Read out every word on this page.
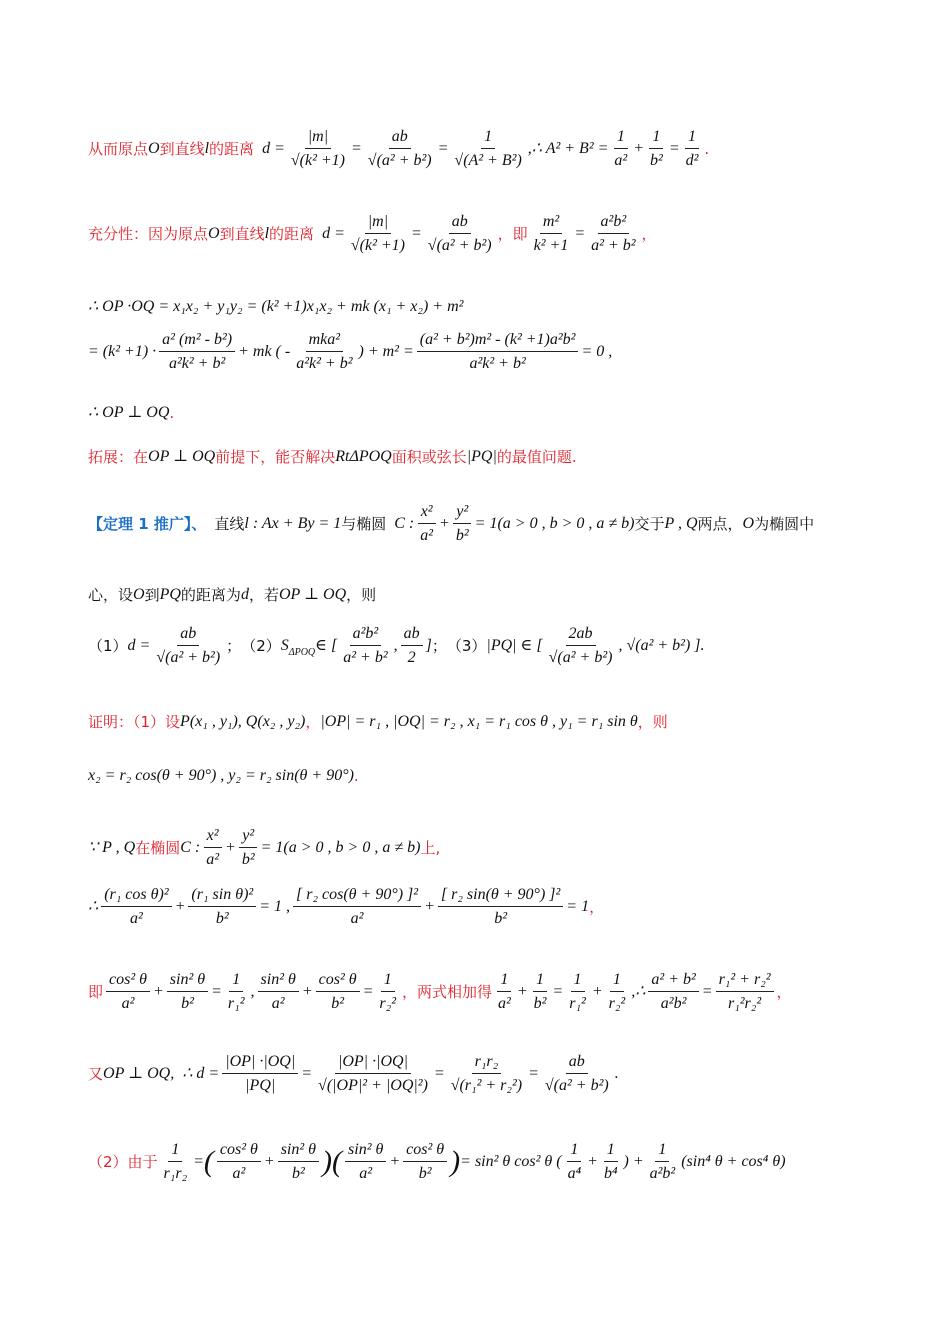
从而原点 O 到直线 l 的距离 $d = \frac{|m|}{\text{√(k² +1)}} = \frac{ab}{\text{√(a² + b²)}} = \frac{1}{\text{√(A² + B²)}}$ ,∴ $A^2 + B^2 = \frac{1}{\text{a²}} + \frac{1}{\text{b²}} = \frac{1}{\text{d²}}$ .
充分性：因为原点 O 到直线 l 的距离 $d = \frac{|m|}{\text{√(k² +1)}} = \frac{ab}{\text{√(a² + b²)}}$ ，即 $\frac{\text{m²}}{\text{k² +1}} = \frac{\text{a²b²}}{\text{a² + b²}}$ ，
∴ OP ·OQ = x₁x₂ + y₁y₂ = (k² +1)x₁x₂ + mk (x₁ + x₂) + m²
= $(k^2 +1) \cdot \frac{\text{a² (m² - b²)}}{\text{a²k² + b²}}$ + mk ( - $\frac{\text{mka²}}{\text{a²k² + b²}}$ ) + $m^2 = \frac{\text{(a² + b²)m² - (k² +1)a²b²}}{\text{a²k² + b²}} = 0$ ,
∴ OP ⊥ OQ .
拓展：在 OP ⊥ OQ 前提下，能否解决 RtΔPOQ 面积或弦长 |PQ| 的最值问题.
【定理 1 推广】、 直线 l : Ax + By = 1 与椭圆 C : $\frac{\text{x²}}{\text{a²}} + \frac{\text{y²}}{\text{b²}} = 1(a > 0$ , b > 0 , a ≠ b) 交于 P , Q 两点， O 为椭圆中
心，设 O 到 PQ 的距离为 d ，若 OP ⊥ OQ ，则
（1） $d = \frac{ab}{\text{√(a² + b²)}}$ ； （2） S ΔPOQ ∈ [ $\frac{\text{a²b²}}{\text{a² + b²}}$ , $\frac{ab}{2}$ ] ； （3） |PQ| ∈ [ $\frac{2ab}{\text{√(a² + b²)}}$ , √(a² + b²) ] .
证明：（1）设 P(x₁ , y₁), Q(x₂ , y₂) ， |OP| = r₁ , |OQ| = r₂ , x₁ = r₁ cos θ , y₁ = r₁ sin θ ，则
x₂ = r₂ cos(θ + 90°) , y₂ = r₂ sin(θ + 90°) .
∵ P , Q 在椭圆 C : $\frac{\text{x²}}{\text{a²}} + \frac{\text{y²}}{\text{b²}} = 1(a > 0$ , b > 0 , a ≠ b) 上,
∴ $\frac{\text{(r₁ cos θ)²}}{\text{a²}} + \frac{\text{(r₁ sin θ)²}}{\text{b²}} = 1$ , $\frac{\text{[ r₂ cos(θ + 90°) ]²}}{\text{a²}} + \frac{\text{[ r₂ sin(θ + 90°) ]²}}{\text{b²}} = 1$ ，
即 $\frac{\text{cos² θ}}{\text{a²}} + \frac{\text{sin² θ}}{\text{b²}} = \frac{1}{\text{r₁²}}$ , $\frac{\text{sin² θ}}{\text{a²}} + \frac{\text{cos² θ}}{\text{b²}} = \frac{1}{\text{r₂²}}$ ，两式相加得 $\frac{1}{\text{a²}} + \frac{1}{\text{b²}} = \frac{1}{\text{r₁²}} + \frac{1}{\text{r₂²}}$ ,∴ $\frac{\text{a² + b²}}{\text{a²b²}} = \frac{\text{r₁² + r₂²}}{\text{r₁²r₂²}}$ ，
又 OP ⊥ OQ , ∴ $d = \frac{|OP| \cdot|OQ|}{|PQ|} = \frac{|OP| \cdot|OQ|}{\text{√(|OP|² + |OQ|²)}} = \frac{\text{r₁r₂}}{\text{√(r₁² + r₂²)}} = \frac{ab}{\text{√(a² + b²)}}$ .
（2）由于 $\frac{1}{\text{r₁r₂}}$ = ( $\frac{\text{cos² θ}}{\text{a²}} + \frac{\text{sin² θ}}{\text{b²}}$ ) ( $\frac{\text{sin² θ}}{\text{a²}} + \frac{\text{cos² θ}}{\text{b²}}$ ) = sin² θ cos² θ ( $\frac{1}{\text{a⁴}} + \frac{1}{\text{b⁴}}$ ) + $\frac{1}{\text{a²b²}} (\sin^4$ θ + cos⁴ θ)
